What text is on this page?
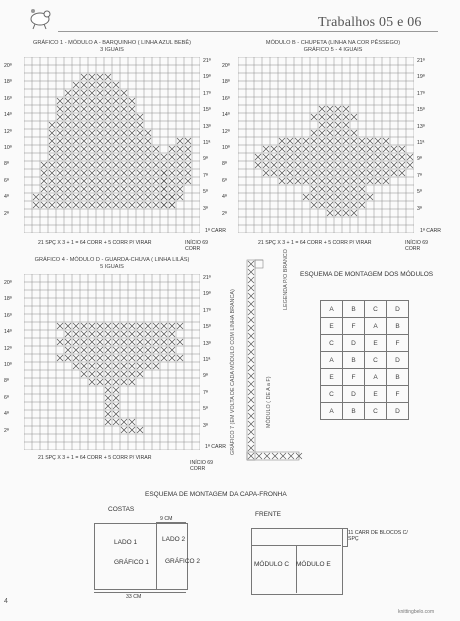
Trabalhos 05 e 06
GRÁFICO 1 - MÓDULO A - BARQUINHO ( LINHA AZUL BEBÊ)
3 IGUAIS
20ª
18ª
16ª
14ª
12ª
10ª
8ª
6ª
4ª
2ª
21ª
19ª
17ª
15ª
13ª
11ª
9ª
7ª
5ª
3ª
21 SPÇ X 3 + 1 = 64 CORR + 5 CORR P/ VIRAR
1ª CARR
INÍCIO 69 CORR
MÓDULO B - CHUPETA (LINHA NA COR PÊSSEGO)
GRÁFICO 5 - 4 IGUAIS
20ª
18ª
16ª
14ª
12ª
10ª
8ª
6ª
4ª
2ª
21ª
19ª
17ª
15ª
13ª
11ª
9ª
7ª
5ª
3ª
21 SPÇ X 3 + 1 = 64 CORR + 5 CORR P/ VIRAR
1ª CARR
INÍCIO 69 CORR
GRÁFICO 4 - MÓDULO D - GUARDA-CHUVA ( LINHA LILÁS)
5 IGUAIS
20ª
18ª
16ª
14ª
12ª
10ª
8ª
6ª
4ª
2ª
21ª
19ª
17ª
15ª
13ª
11ª
9ª
7ª
5ª
3ª
21 SPÇ X 3 + 1 = 64 CORR + 5 CORR P/ VIRAR
1ª CARR
INÍCIO 69 CORR
GRÁFICO 7 (EM VOLTA DE CADA MÓDULO COM LINHA BRANCA)	MÓDULO ( DE A a F)
LEGENDA P/O BRANCO ESQUEMA DE MONTAGEM DOS MÓDULOS
A	B	C	D
E	F	A	B
C	D	E	F
A	B	C	D
E	F	A	B
C	D	E	F
A	B	C	D
ESQUEMA DE MONTAGEM DA CAPA-FRONHA
COSTAS
FRENTE
9 CM
LADO 1
GRÁFICO 1
LADO 2
GRÁFICO 2
33 CM
MÓDULO C MÓDULO E
11 CARR DE BLOCOS C/ SPÇ
4
knittingbelo.com
